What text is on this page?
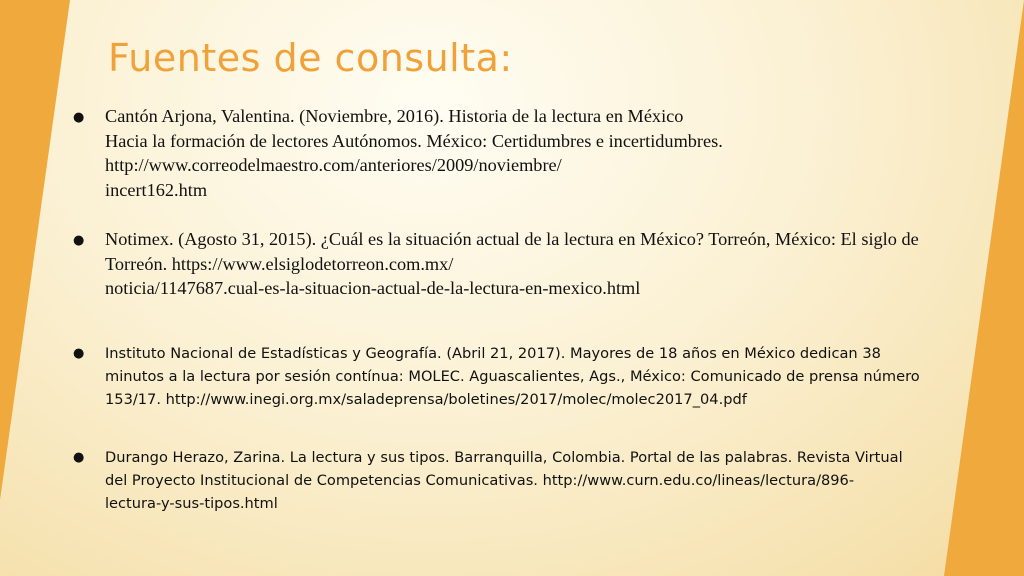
Fuentes de consulta:
● Cantón Arjona, Valentina. (Noviembre, 2016). Historia de la lectura en México
Hacia la formación de lectores Autónomos. México: Certidumbres e incertidumbres.
http://www.correodelmaestro.com/anteriores/2009/noviembre/
incert162.htm

● Notimex. (Agosto 31, 2015). ¿Cuál es la situación actual de la lectura en México? Torreón, México: El siglo de
Torreón. https://www.elsiglodetorreon.com.mx/
noticia/1147687.cual-es-la-situacion-actual-de-la-lectura-en-mexico.html

● Instituto Nacional de Estadísticas y Geografía. (Abril 21, 2017). Mayores de 18 años en México dedican 38
minutos a la lectura por sesión contínua: MOLEC. Aguascalientes, Ags., México: Comunicado de prensa número
153/17. http://www.inegi.org.mx/saladeprensa/boletines/2017/molec/molec2017_04.pdf

● Durango Herazo, Zarina. La lectura y sus tipos. Barranquilla, Colombia. Portal de las palabras. Revista Virtual
del Proyecto Institucional de Competencias Comunicativas. http://www.curn.edu.co/lineas/lectura/896-
lectura-y-sus-tipos.html
